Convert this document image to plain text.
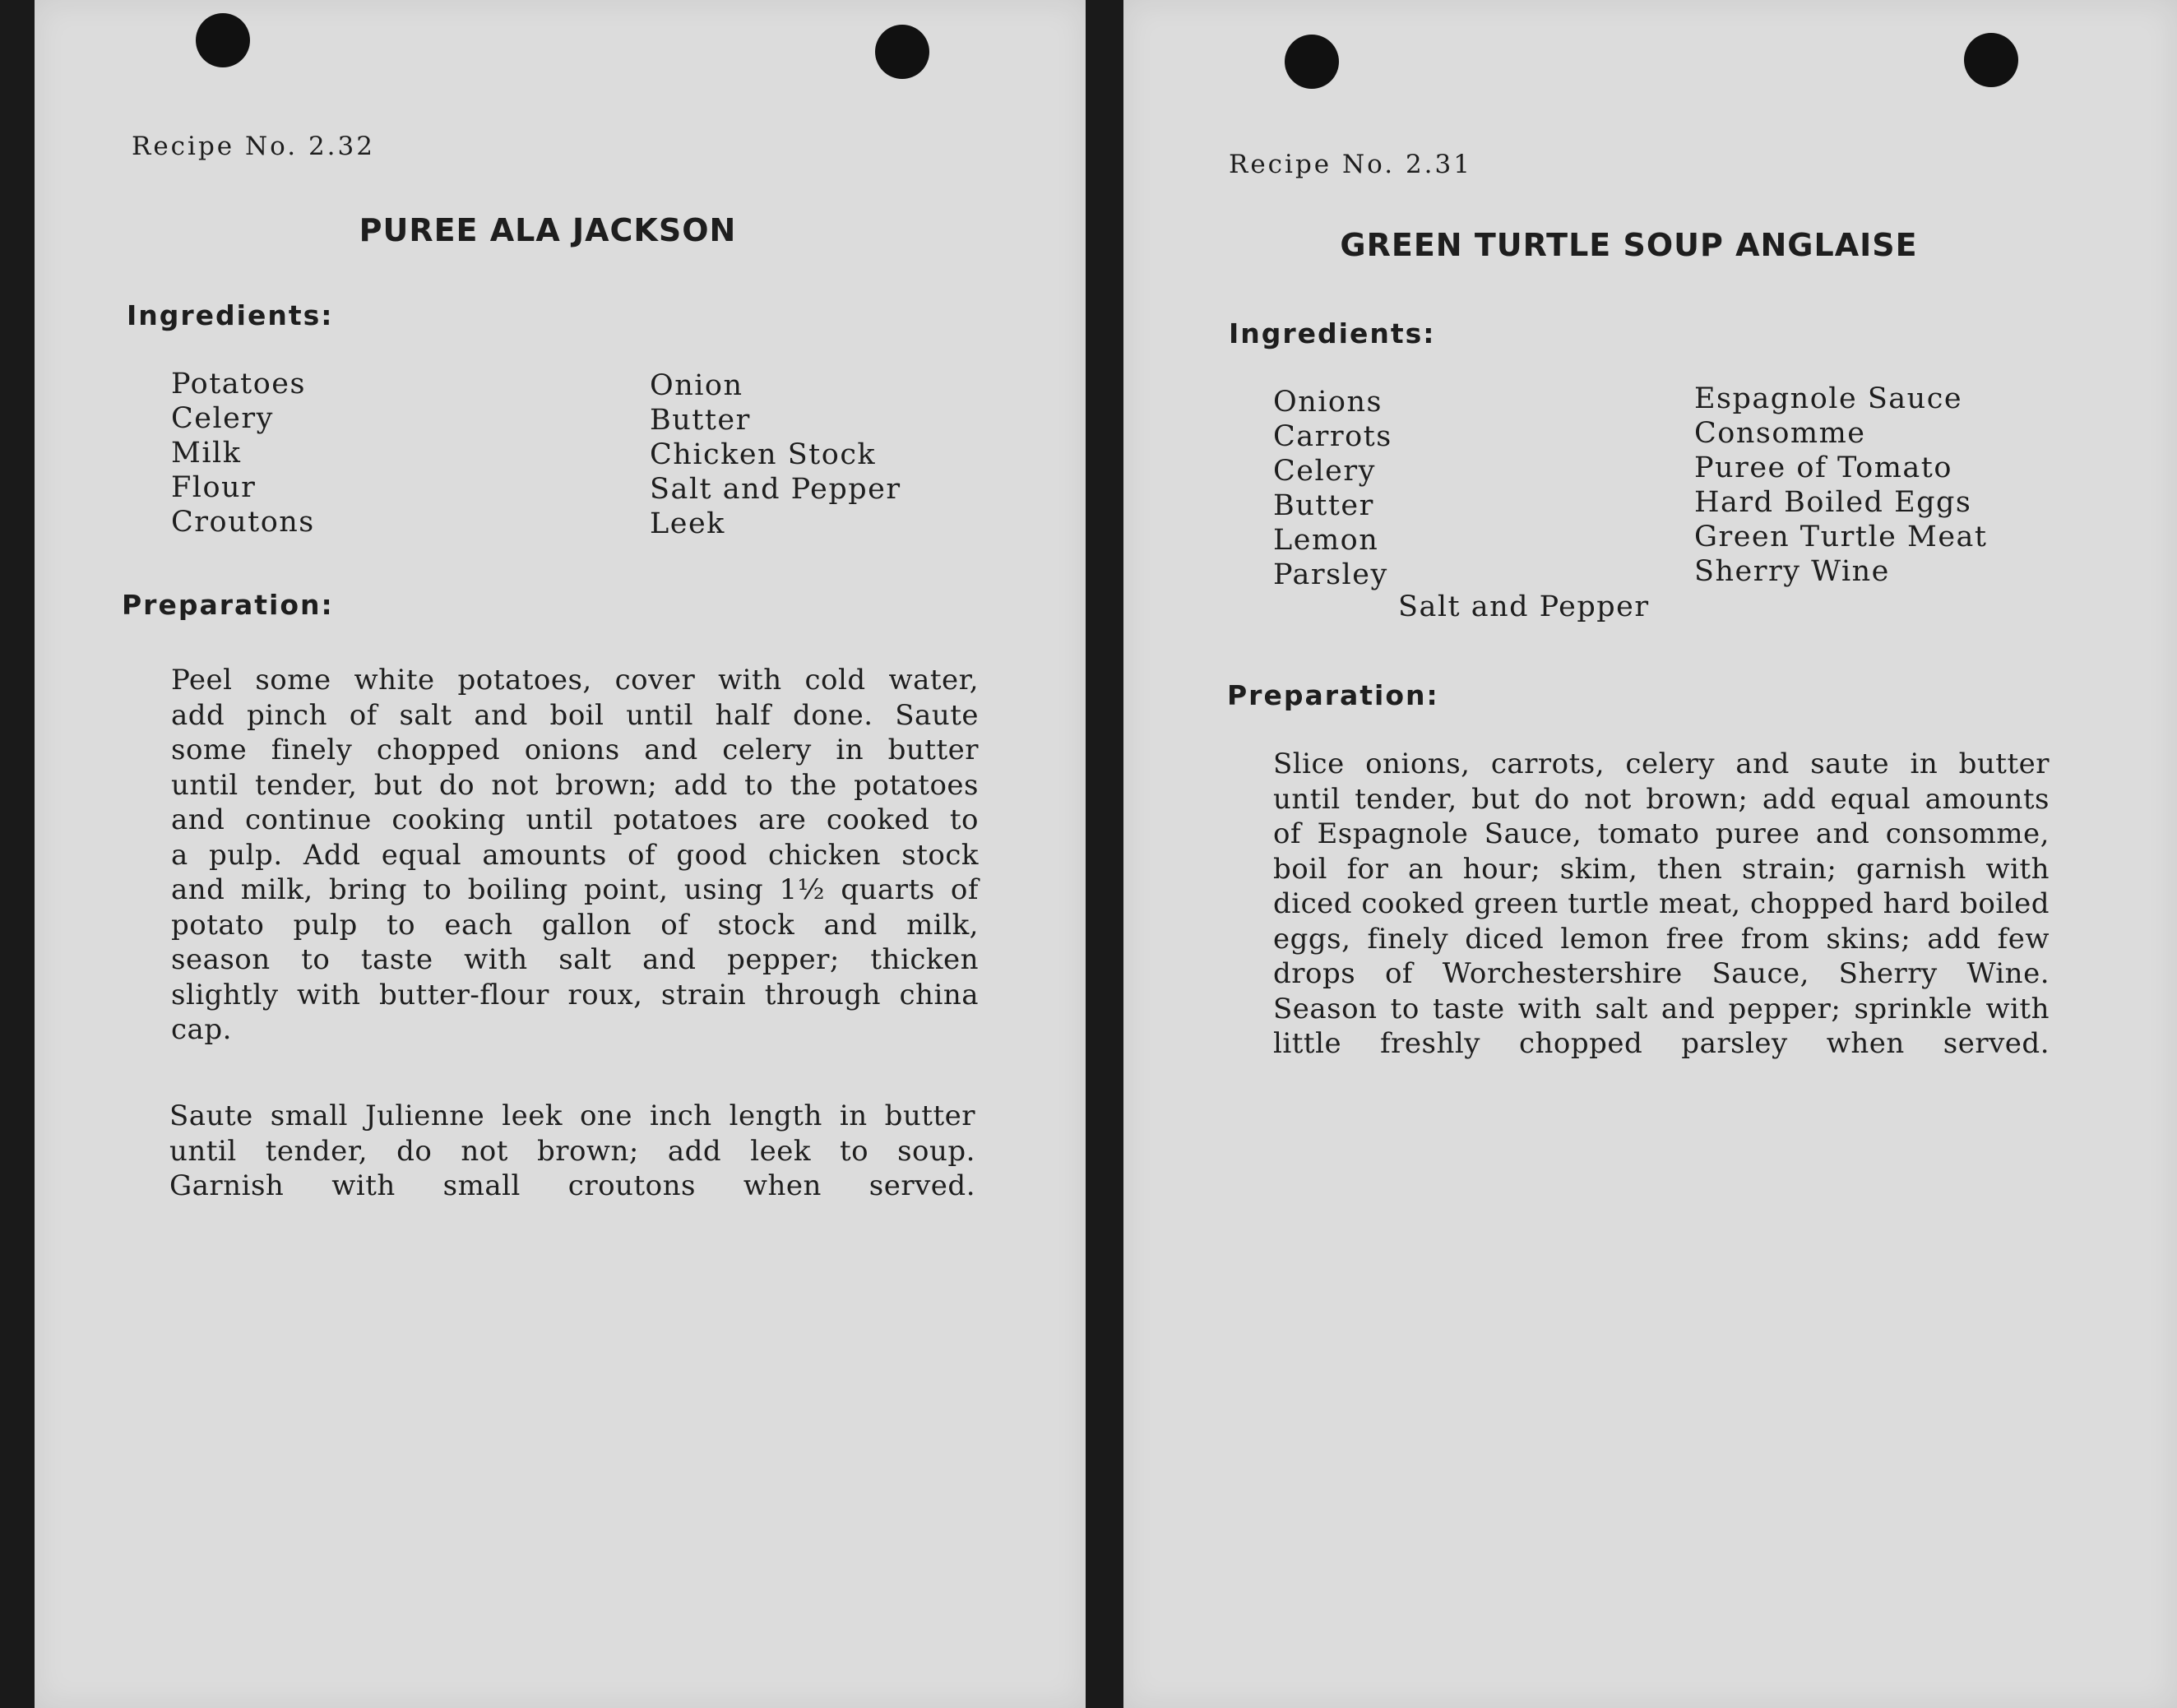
Recipe No. 2.32
PUREE ALA JACKSON
Ingredients:
Potatoes
Celery
Milk
Flour
Croutons
Onion
Butter
Chicken Stock
Salt and Pepper
Leek
Preparation:
Peel some white potatoes, cover with cold water,
add pinch of salt and boil until half done. Saute
some finely chopped onions and celery in butter
until tender, but do not brown; add to the potatoes
and continue cooking until potatoes are cooked to
a pulp. Add equal amounts of good chicken stock
and milk, bring to boiling point, using 1½ quarts of
potato pulp to each gallon of stock and milk,
season to taste with salt and pepper; thicken
slightly with butter-flour roux, strain through china
cap.
Saute small Julienne leek one inch length in butter
until tender, do not brown; add leek to soup.
Garnish with small croutons when served.
Recipe No. 2.31
GREEN TURTLE SOUP ANGLAISE
Ingredients:
Onions
Carrots
Celery
Butter
Lemon
Parsley
Espagnole Sauce
Consomme
Puree of Tomato
Hard Boiled Eggs
Green Turtle Meat
Sherry Wine
Salt and Pepper
Preparation:
Slice onions, carrots, celery and saute in butter
until tender, but do not brown; add equal amounts
of Espagnole Sauce, tomato puree and consomme,
boil for an hour; skim, then strain; garnish with
diced cooked green turtle meat, chopped hard boiled
eggs, finely diced lemon free from skins; add few
drops of Worchestershire Sauce, Sherry Wine.
Season to taste with salt and pepper; sprinkle with
little freshly chopped parsley when served.
